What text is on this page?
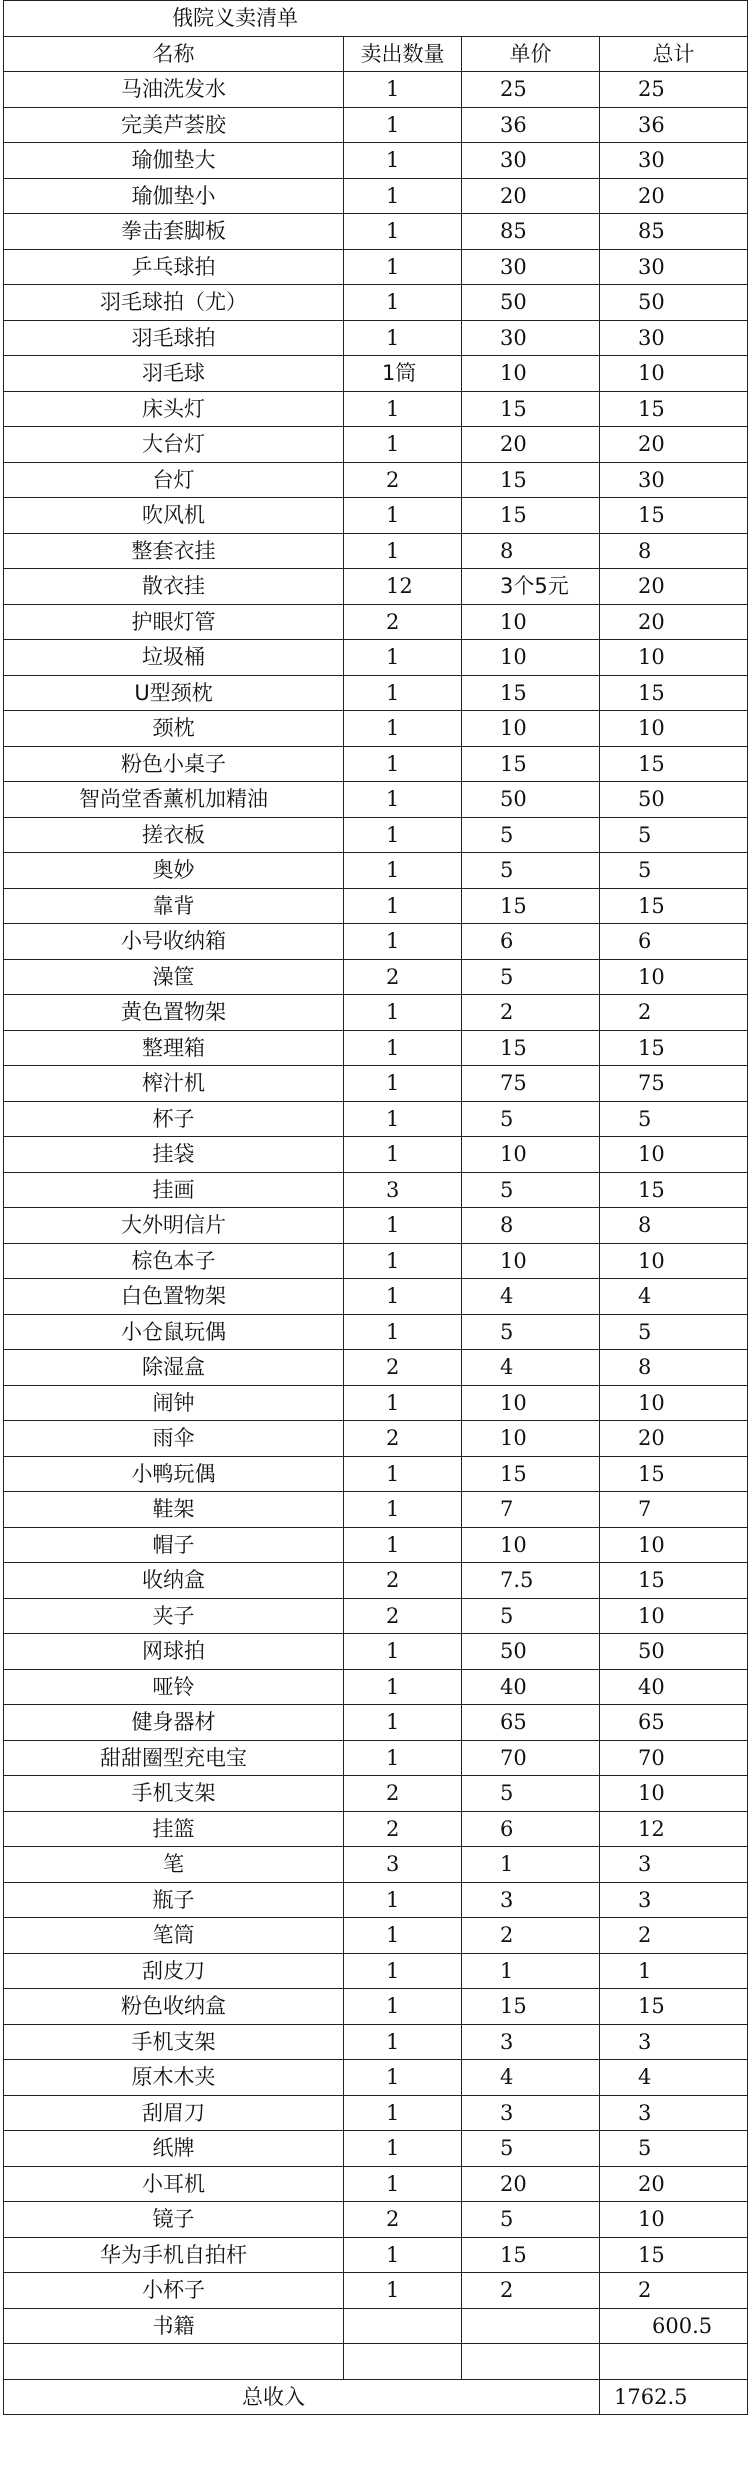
俄院义卖清单			
名称	卖出数量	单价	总计
马油洗发水	1	25	25
完美芦荟胶	1	36	36
瑜伽垫大	1	30	30
瑜伽垫小	1	20	20
拳击套脚板	1	85	85
乒乓球拍	1	30	30
羽毛球拍（尤）	1	50	50
羽毛球拍	1	30	30
羽毛球	1筒	10	10
床头灯	1	15	15
大台灯	1	20	20
台灯	2	15	30
吹风机	1	15	15
整套衣挂	1	8	8
散衣挂	12	3个5元	20
护眼灯管	2	10	20
垃圾桶	1	10	10
U型颈枕	1	15	15
颈枕	1	10	10
粉色小桌子	1	15	15
智尚堂香薰机加精油	1	50	50
搓衣板	1	5	5
奥妙	1	5	5
靠背	1	15	15
小号收纳箱	1	6	6
澡筐	2	5	10
黄色置物架	1	2	2
整理箱	1	15	15
榨汁机	1	75	75
杯子	1	5	5
挂袋	1	10	10
挂画	3	5	15
大外明信片	1	8	8
棕色本子	1	10	10
白色置物架	1	4	4
小仓鼠玩偶	1	5	5
除湿盒	2	4	8
闹钟	1	10	10
雨伞	2	10	20
小鸭玩偶	1	15	15
鞋架	1	7	7
帽子	1	10	10
收纳盒	2	7.5	15
夹子	2	5	10
网球拍	1	50	50
哑铃	1	40	40
健身器材	1	65	65
甜甜圈型充电宝	1	70	70
手机支架	2	5	10
挂篮	2	6	12
笔	3	1	3
瓶子	1	3	3
笔筒	1	2	2
刮皮刀	1	1	1
粉色收纳盒	1	15	15
手机支架	1	3	3
原木木夹	1	4	4
刮眉刀	1	3	3
纸牌	1	5	5
小耳机	1	20	20
镜子	2	5	10
华为手机自拍杆	1	15	15
小杯子	1	2	2
书籍			600.5

总收入			1762.5
